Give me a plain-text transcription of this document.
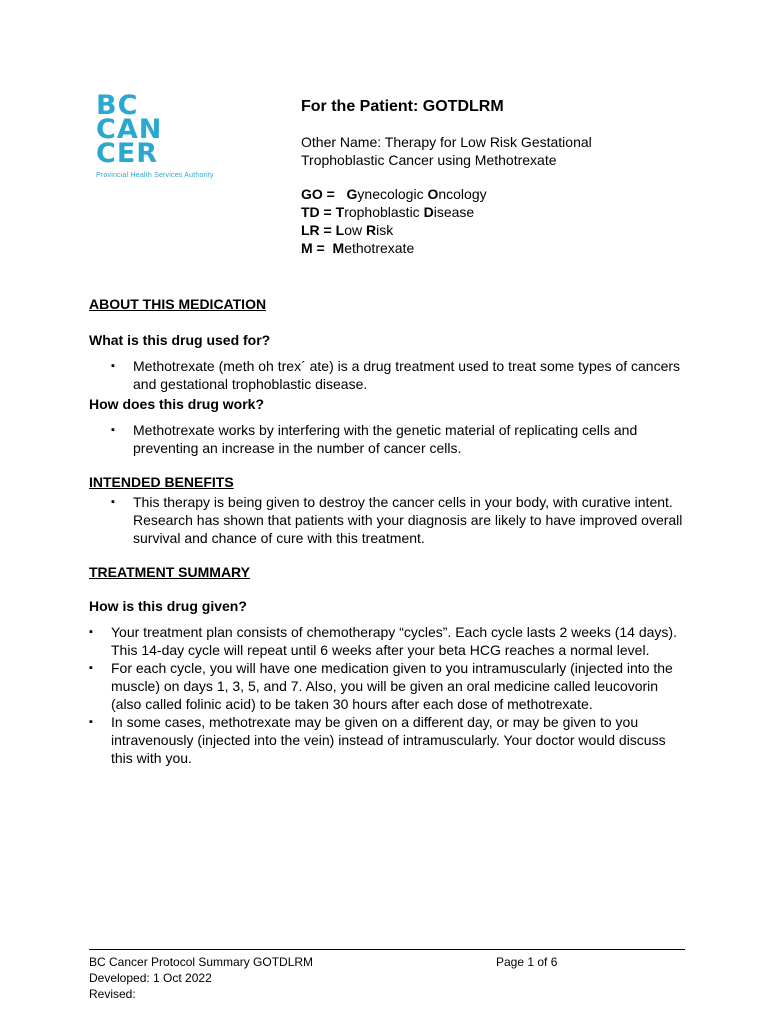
BC
CAN
CER
Provincial Health Services Authority
For the Patient: GOTDLRM
Other Name: Therapy for Low Risk Gestational Trophoblastic Cancer using Methotrexate
GO = Gynecologic Oncology
TD = Trophoblastic Disease
LR = Low Risk
M = Methotrexate

ABOUT THIS MEDICATION

What is this drug used for?

▪ Methotrexate (meth oh trex´ ate) is a drug treatment used to treat some types of cancers and gestational trophoblastic disease.

How does this drug work?

▪ Methotrexate works by interfering with the genetic material of replicating cells and preventing an increase in the number of cancer cells.

INTENDED BENEFITS

▪ This therapy is being given to destroy the cancer cells in your body, with curative intent. Research has shown that patients with your diagnosis are likely to have improved overall survival and chance of cure with this treatment.

TREATMENT SUMMARY

How is this drug given?

▪ Your treatment plan consists of chemotherapy “cycles”. Each cycle lasts 2 weeks (14 days). This 14-day cycle will repeat until 6 weeks after your beta HCG reaches a normal level.
▪ For each cycle, you will have one medication given to you intramuscularly (injected into the muscle) on days 1, 3, 5, and 7. Also, you will be given an oral medicine called leucovorin (also called folinic acid) to be taken 30 hours after each dose of methotrexate.
▪ In some cases, methotrexate may be given on a different day, or may be given to you intravenously (injected into the vein) instead of intramuscularly. Your doctor would discuss this with you.
BC Cancer Protocol Summary GOTDLRM
Developed: 1 Oct 2022
Revised:
Page 1 of 6
